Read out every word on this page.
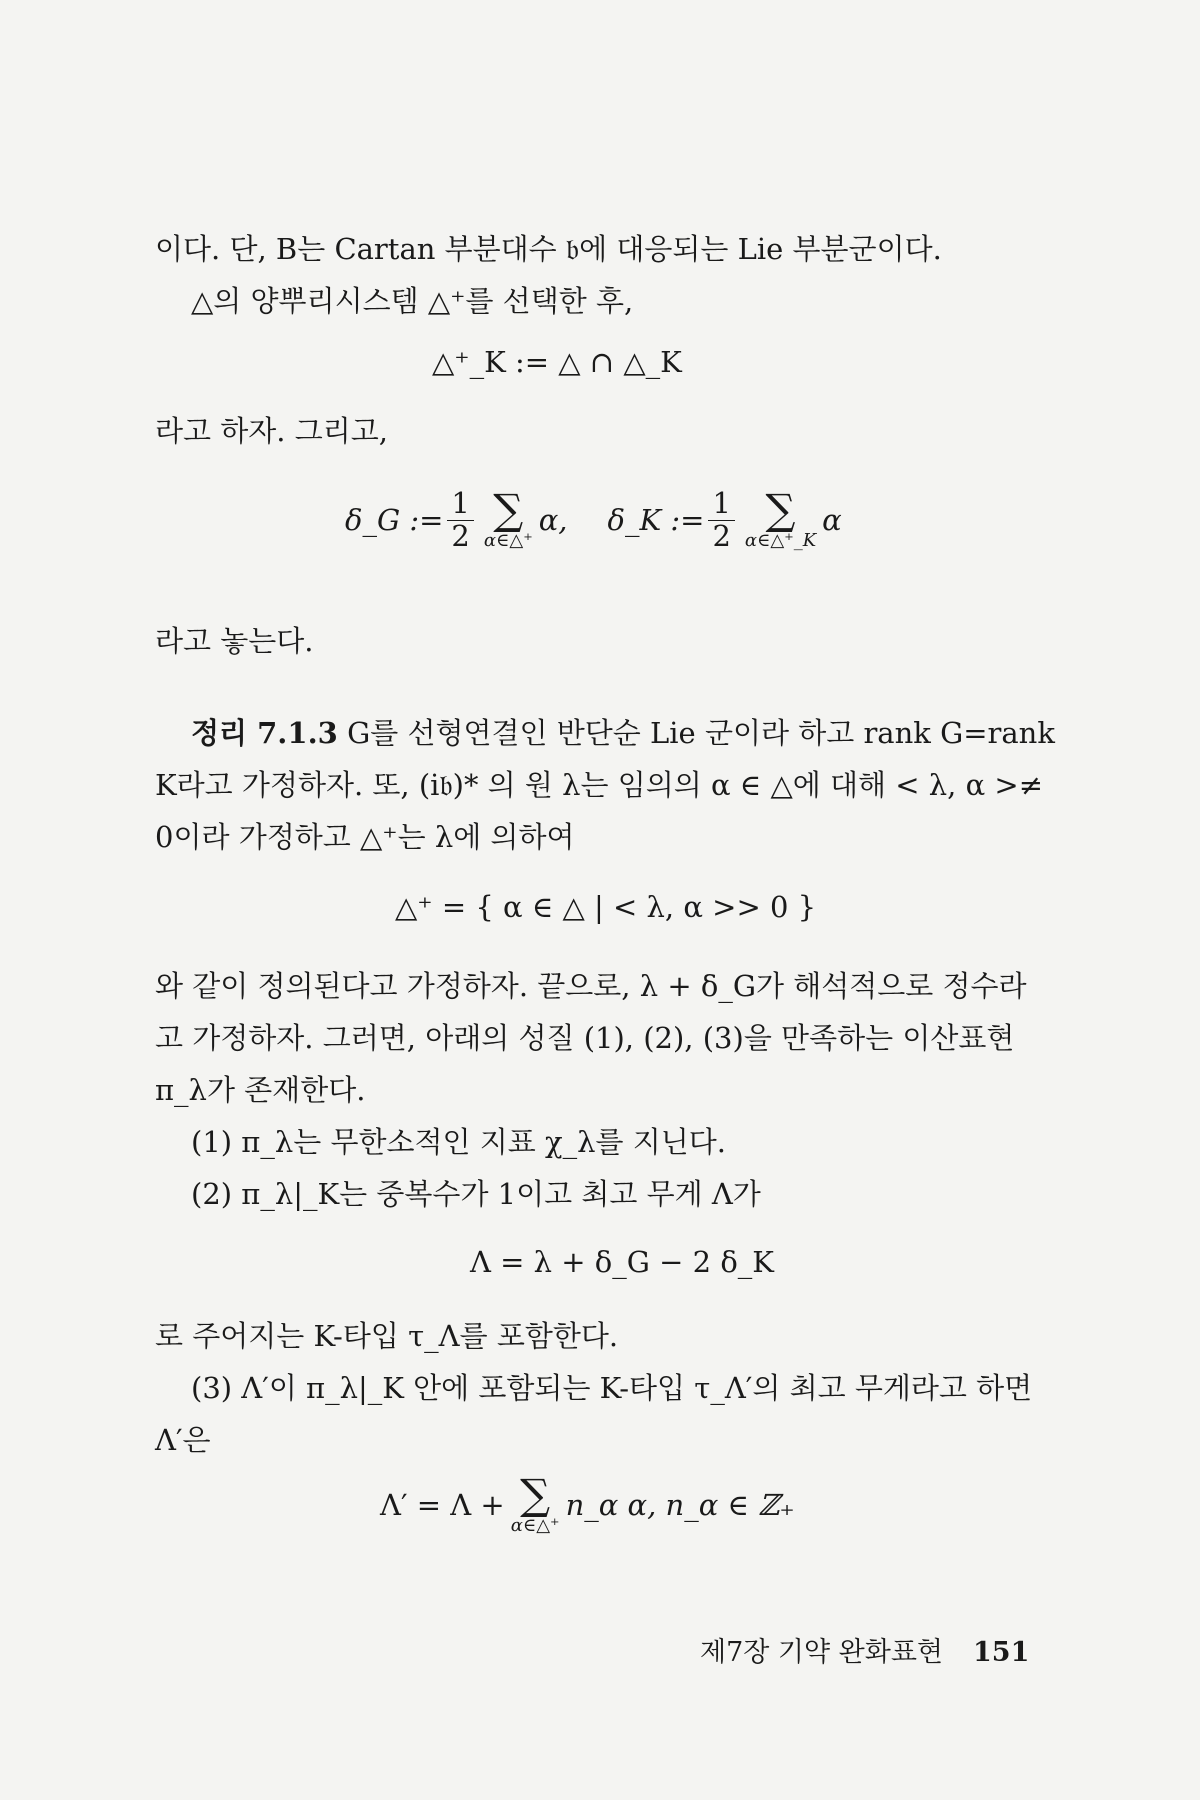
이다. 단, B는 Cartan 부분대수 𝔟에 대응되는 Lie 부분군이다.
△의 양뿌리시스템 △⁺를 선택한 후,
△⁺_K := △ ∩ △_K
라고 하자. 그리고,
δ_G := $\frac{1}{2}$ ∑
α∈△⁺
α, δ_K := $\frac{1}{2}$ ∑
α∈△⁺_K
α
라고 놓는다.
정리 7.1.3 G를 선형연결인 반단순 Lie 군이라 하고 rank G=rank
K라고 가정하자. 또, (i𝔟)* 의 원 λ는 임의의 α ∈ △에 대해 < λ, α >≠
0이라 가정하고 △⁺는 λ에 의하여
△⁺ = { α ∈ △ | < λ, α >> 0 }
와 같이 정의된다고 가정하자. 끝으로, λ + δ_G가 해석적으로 정수라
고 가정하자. 그러면, 아래의 성질 (1), (2), (3)을 만족하는 이산표현
π_λ가 존재한다.
(1) π_λ는 무한소적인 지표 χ_λ를 지닌다.
(2) π_λ|_K는 중복수가 1이고 최고 무게 Λ가
Λ = λ + δ_G − 2 δ_K
로 주어지는 K-타입 τ_Λ를 포함한다.
(3) Λ′이 π_λ|_K 안에 포함되는 K-타입 τ_Λ′의 최고 무게라고 하면
Λ′은
Λ′ = Λ + ∑
α∈△⁺
n_α α, n_α ∈ ℤ₊
제7장 기약 완화표현 151
